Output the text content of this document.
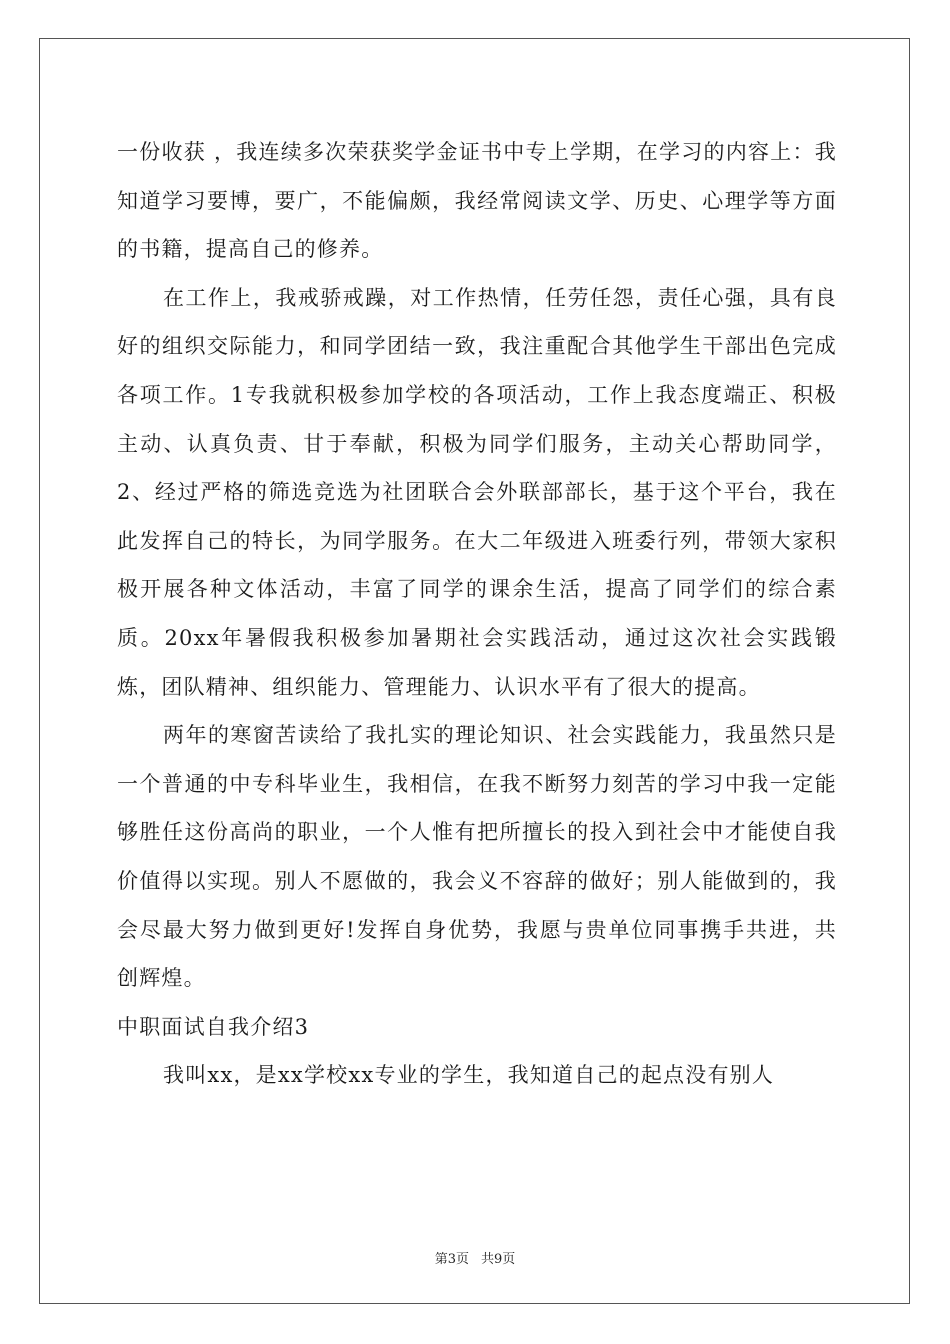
一份收获 ，我连续多次荣获奖学金证书中专上学期，在学习的内容上：我知道学习要博，要广，不能偏颇，我经常阅读文学、历史、心理学等方面的书籍，提高自己的修养。

在工作上，我戒骄戒躁，对工作热情，任劳任怨，责任心强，具有良好的组织交际能力，和同学团结一致，我注重配合其他学生干部出色完成各项工作。1专我就积极参加学校的各项活动，工作上我态度端正、积极主动、认真负责、甘于奉献，积极为同学们服务，主动关心帮助同学，2、经过严格的筛选竞选为社团联合会外联部部长，基于这个平台，我在此发挥自己的特长，为同学服务。在大二年级进入班委行列，带领大家积极开展各种文体活动，丰富了同学的课余生活，提高了同学们的综合素质。20xx年暑假我积极参加暑期社会实践活动，通过这次社会实践锻炼，团队精神、组织能力、管理能力、认识水平有了很大的提高。

两年的寒窗苦读给了我扎实的理论知识、社会实践能力，我虽然只是一个普通的中专科毕业生，我相信，在我不断努力刻苦的学习中我一定能够胜任这份高尚的职业，一个人惟有把所擅长的投入到社会中才能使自我价值得以实现。别人不愿做的，我会义不容辞的做好；别人能做到的，我会尽最大努力做到更好!发挥自身优势，我愿与贵单位同事携手共进，共创辉煌。

中职面试自我介绍3

我叫xx，是xx学校xx专业的学生，我知道自己的起点没有别人

第3页 共9页
